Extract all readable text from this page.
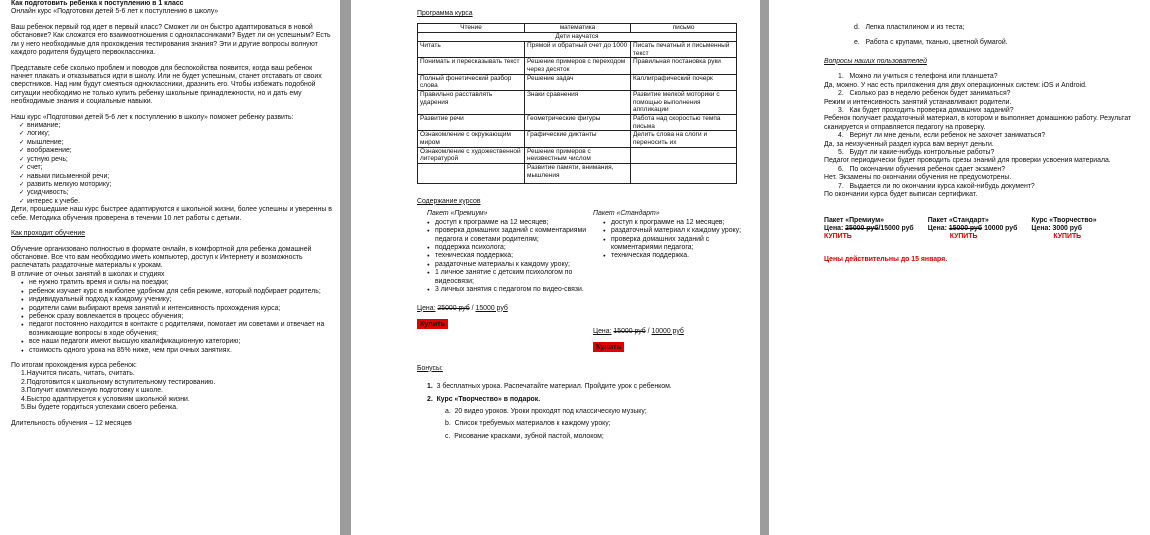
Как подготовить ребенка к поступлению в 1 класс

Онлайн курс «Подготовки детей 5-6 лет к поступлению в школу»

Ваш ребенок первый год идет в первый класс? Сможет ли он быстро адаптироваться в новой обстановке? Как сложатся его взаимоотношения с одноклассниками? Будет ли он успешным? Есть ли у него необходимые для прохождения тестирования знания? Эти и другие вопросы волнуют каждого родителя будущего первоклассника.

Представьте себе сколько проблем и поводов для беспокойства появится, когда ваш ребенок начнет плакать и отказываться идти в школу. Или не будет успешным, станет отставать от своих сверстников. Над ним будут смеяться одноклассники, дразнить его. Чтобы избежать подобной ситуации необходимо не только купить ребенку школьные принадлежности, но и дать ему необходимые знания и социальные навыки.

Наш курс «Подготовки детей 5-6 лет к поступлению в школу» поможет ребенку развить:

✓ внимание;
✓ логику;
✓ мышление;
✓ воображение;
✓ устную речь;
✓ счет;
✓ навыки письменной речи;
✓ развить мелкую моторику;
✓ усидчивость;
✓ интерес к учебе.

Дети, прошедшие наш курс быстрее адаптируются к школьной жизни, более успешны и уверенны в себе. Методика обучения проверена в течении 10 лет работы с детьми.

Как проходит обучение

Обучение организовано полностью в формате онлайн, в комфортной для ребенка домашней обстановке. Все что вам необходимо иметь компьютер, доступ к Интернету и возможность распечатать раздаточные материалы к урокам.

В отличие от очных занятий в школах и студиях

● не нужно тратить время и силы на поездки;
● ребенок изучает курс в наиболее удобном для себя режиме, который подбирает родитель;
● индивидуальный подход к каждому ученику;
● родители сами выбирают время занятий и интенсивность прохождения курса;
● ребенок сразу вовлекается в процесс обучения;
● педагог постоянно находится в контакте с родителями, помогает им советами и отвечает на возникающие вопросы в ходе обучения;
● все наши педагоги имеют высшую квалификационную категорию;
● стоимость одного урока на 85% ниже, чем при очных занятиях.

По итогам прохождения курса ребенок:

1.Научится писать, читать, считать.
2.Подготовится к школьному вступительному тестированию.
3.Получит комплексную подготовку к школе.
4.Быстро адаптируется к условиям школьной жизни.
5.Вы будете гордиться успехами своего ребенка.

Длительность обучения – 12 месяцев

Программа курса

Чтение	математика	письмо
Дети научатся		
Читать	Прямой и обратный счет до 1000	Писать печатный и письменный текст
Понимать и пересказывать текст	Решение примеров с переходом через десяток	Правильная постановка руки
Полный фонетический разбор слова	Решение задач	Каллиграфический почерк
Правильно расставлять ударения	Знаки сравнения	Развитие мелкой моторики с помощью выполнения аппликации
Развитие речи	Геометрические фигуры	Работа над скоростью темпа письма
Ознакомление с окружающим миром	Графические диктанты	Делить слова на слоги и переносить их
Ознакомление с художественной литературой	Решение примеров с неизвестным числом	
	Развитие памяти, внимания, мышления	

Содержание курсов

Пакет «Премиум»

● доступ к программе на 12 месяцев;
● проверка домашних заданий с комментариями педагога и советами родителям;
● поддержка психолога;
● техническая поддержка;
● раздаточные материалы к каждому уроку;
● 1 личное занятие с детским психологом по видеосвязи;
● 3 личных занятия с педагогом по видео-связи.

Цена: 25000 руб / 15000 руб

Купить

Пакет «Стандарт»

● доступ к программе на 12 месяцев;
● раздаточный материал к каждому уроку;
● проверка домашних заданий с комментариями педагога;
● техническая поддержка.

Цена: 15000 руб / 10000 руб

Купить

Бонусы:

1.  3 бесплатных урока. Распечатайте материал. Пройдите урок с ребенком.

2.  Курс «Творчество» в подарок.

a.  20 видео уроков. Уроки проходят под классическую музыку;

b.  Список требуемых материалов к каждому уроку;

c.  Рисование красками, зубной пастой, молоком;

d.   Лепка пластилином и из теста;

e.   Работа с крупами, тканью, цветной бумагой.

Вопросы наших пользователей

1.   Можно ли учиться с телефона или планшета?

Да, можно. У нас есть приложения для двух операционных систем: iOS и Android.

2.   Сколько раз в неделю ребенок будет заниматься?

Режим и интенсивность занятий устанавливают родители.

3.   Как будет проходить проверка домашних заданий?

Ребенок получает раздаточный материал, в котором и выполняет домашнюю работу. Результат сканируется и отправляется педагогу на проверку.

4.   Вернут ли мне деньги, если ребенок не захочет заниматься?

Да, за неизученный раздел курса вам вернут деньги.

5.   Будут ли какие-нибудь контрольные работы?

Педагог периодически будет проводить срезы знаний для проверки усвоения материала.

6.   По окончании обучения ребенок сдает экзамен?

Нет. Экзамены по окончании обучения не предусмотрены.

7.   Выдается ли по окончании курса какой-нибудь документ?

По окончании курса будет выписан сертификат.

Пакет «Премиум»

Цена: 25000 руб/15000 руб

КУПИТЬ

Пакет «Стандарт»

Цена: 15000 руб 10000 руб

КУПИТЬ

Курс «Творчество»

Цена: 3000 руб

КУПИТЬ

Цены действительны до 15 января.
